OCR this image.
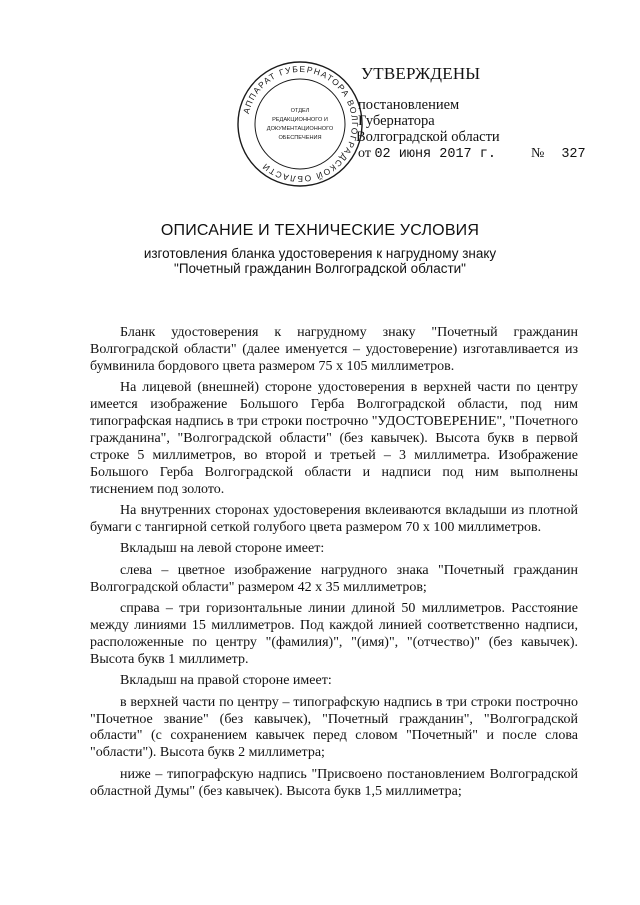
АППАРАТ ГУБЕРНАТОРА ВОЛГОГРАДСКОЙ ОБЛАСТИ
ОТДЕЛ
РЕДАКЦИОННОГО И
ДОКУМЕНТАЦИОННОГО
ОБЕСПЕЧЕНИЯ
УТВЕРЖДЕНЫ
постановлением
Губернатора
Волгоградской области
от 02 июня 2017 г.	№ 327
ОПИСАНИЕ И ТЕХНИЧЕСКИЕ УСЛОВИЯ
изготовления бланка удостоверения к нагрудному знаку
"Почетный гражданин Волгоградской области"

Бланк удостоверения к нагрудному знаку "Почетный гражданин Волгоградской области" (далее именуется – удостоверение) изготавливается из бумвинила бордового цвета размером 75 x 105 миллиметров.

На лицевой (внешней) стороне удостоверения в верхней части по центру имеется изображение Большого Герба Волгоградской области, под ним типографская надпись в три строки построчно "УДОСТОВЕРЕНИЕ", "Почетного гражданина", "Волгоградской области" (без кавычек). Высота букв в первой строке 5 миллиметров, во второй и третьей – 3 миллиметра. Изображение Большого Герба Волгоградской области и надписи под ним выполнены тиснением под золото.

На внутренних сторонах удостоверения вклеиваются вкладыши из плотной бумаги с тангирной сеткой голубого цвета размером 70 x 100 миллиметров.

Вкладыш на левой стороне имеет:

слева – цветное изображение нагрудного знака "Почетный гражданин Волгоградской области" размером 42 x 35 миллиметров;

справа – три горизонтальные линии длиной 50 миллиметров. Расстояние между линиями 15 миллиметров. Под каждой линией соответственно надписи, расположенные по центру "(фамилия)", "(имя)", "(отчество)" (без кавычек). Высота букв 1 миллиметр.

Вкладыш на правой стороне имеет:

в верхней части по центру – типографскую надпись в три строки построчно "Почетное звание" (без кавычек), "Почетный гражданин", "Волгоградской области" (с сохранением кавычек перед словом "Почетный" и после слова "области"). Высота букв 2 миллиметра;

ниже – типографскую надпись "Присвоено постановлением Волгоградской областной Думы" (без кавычек). Высота букв 1,5 миллиметра;
